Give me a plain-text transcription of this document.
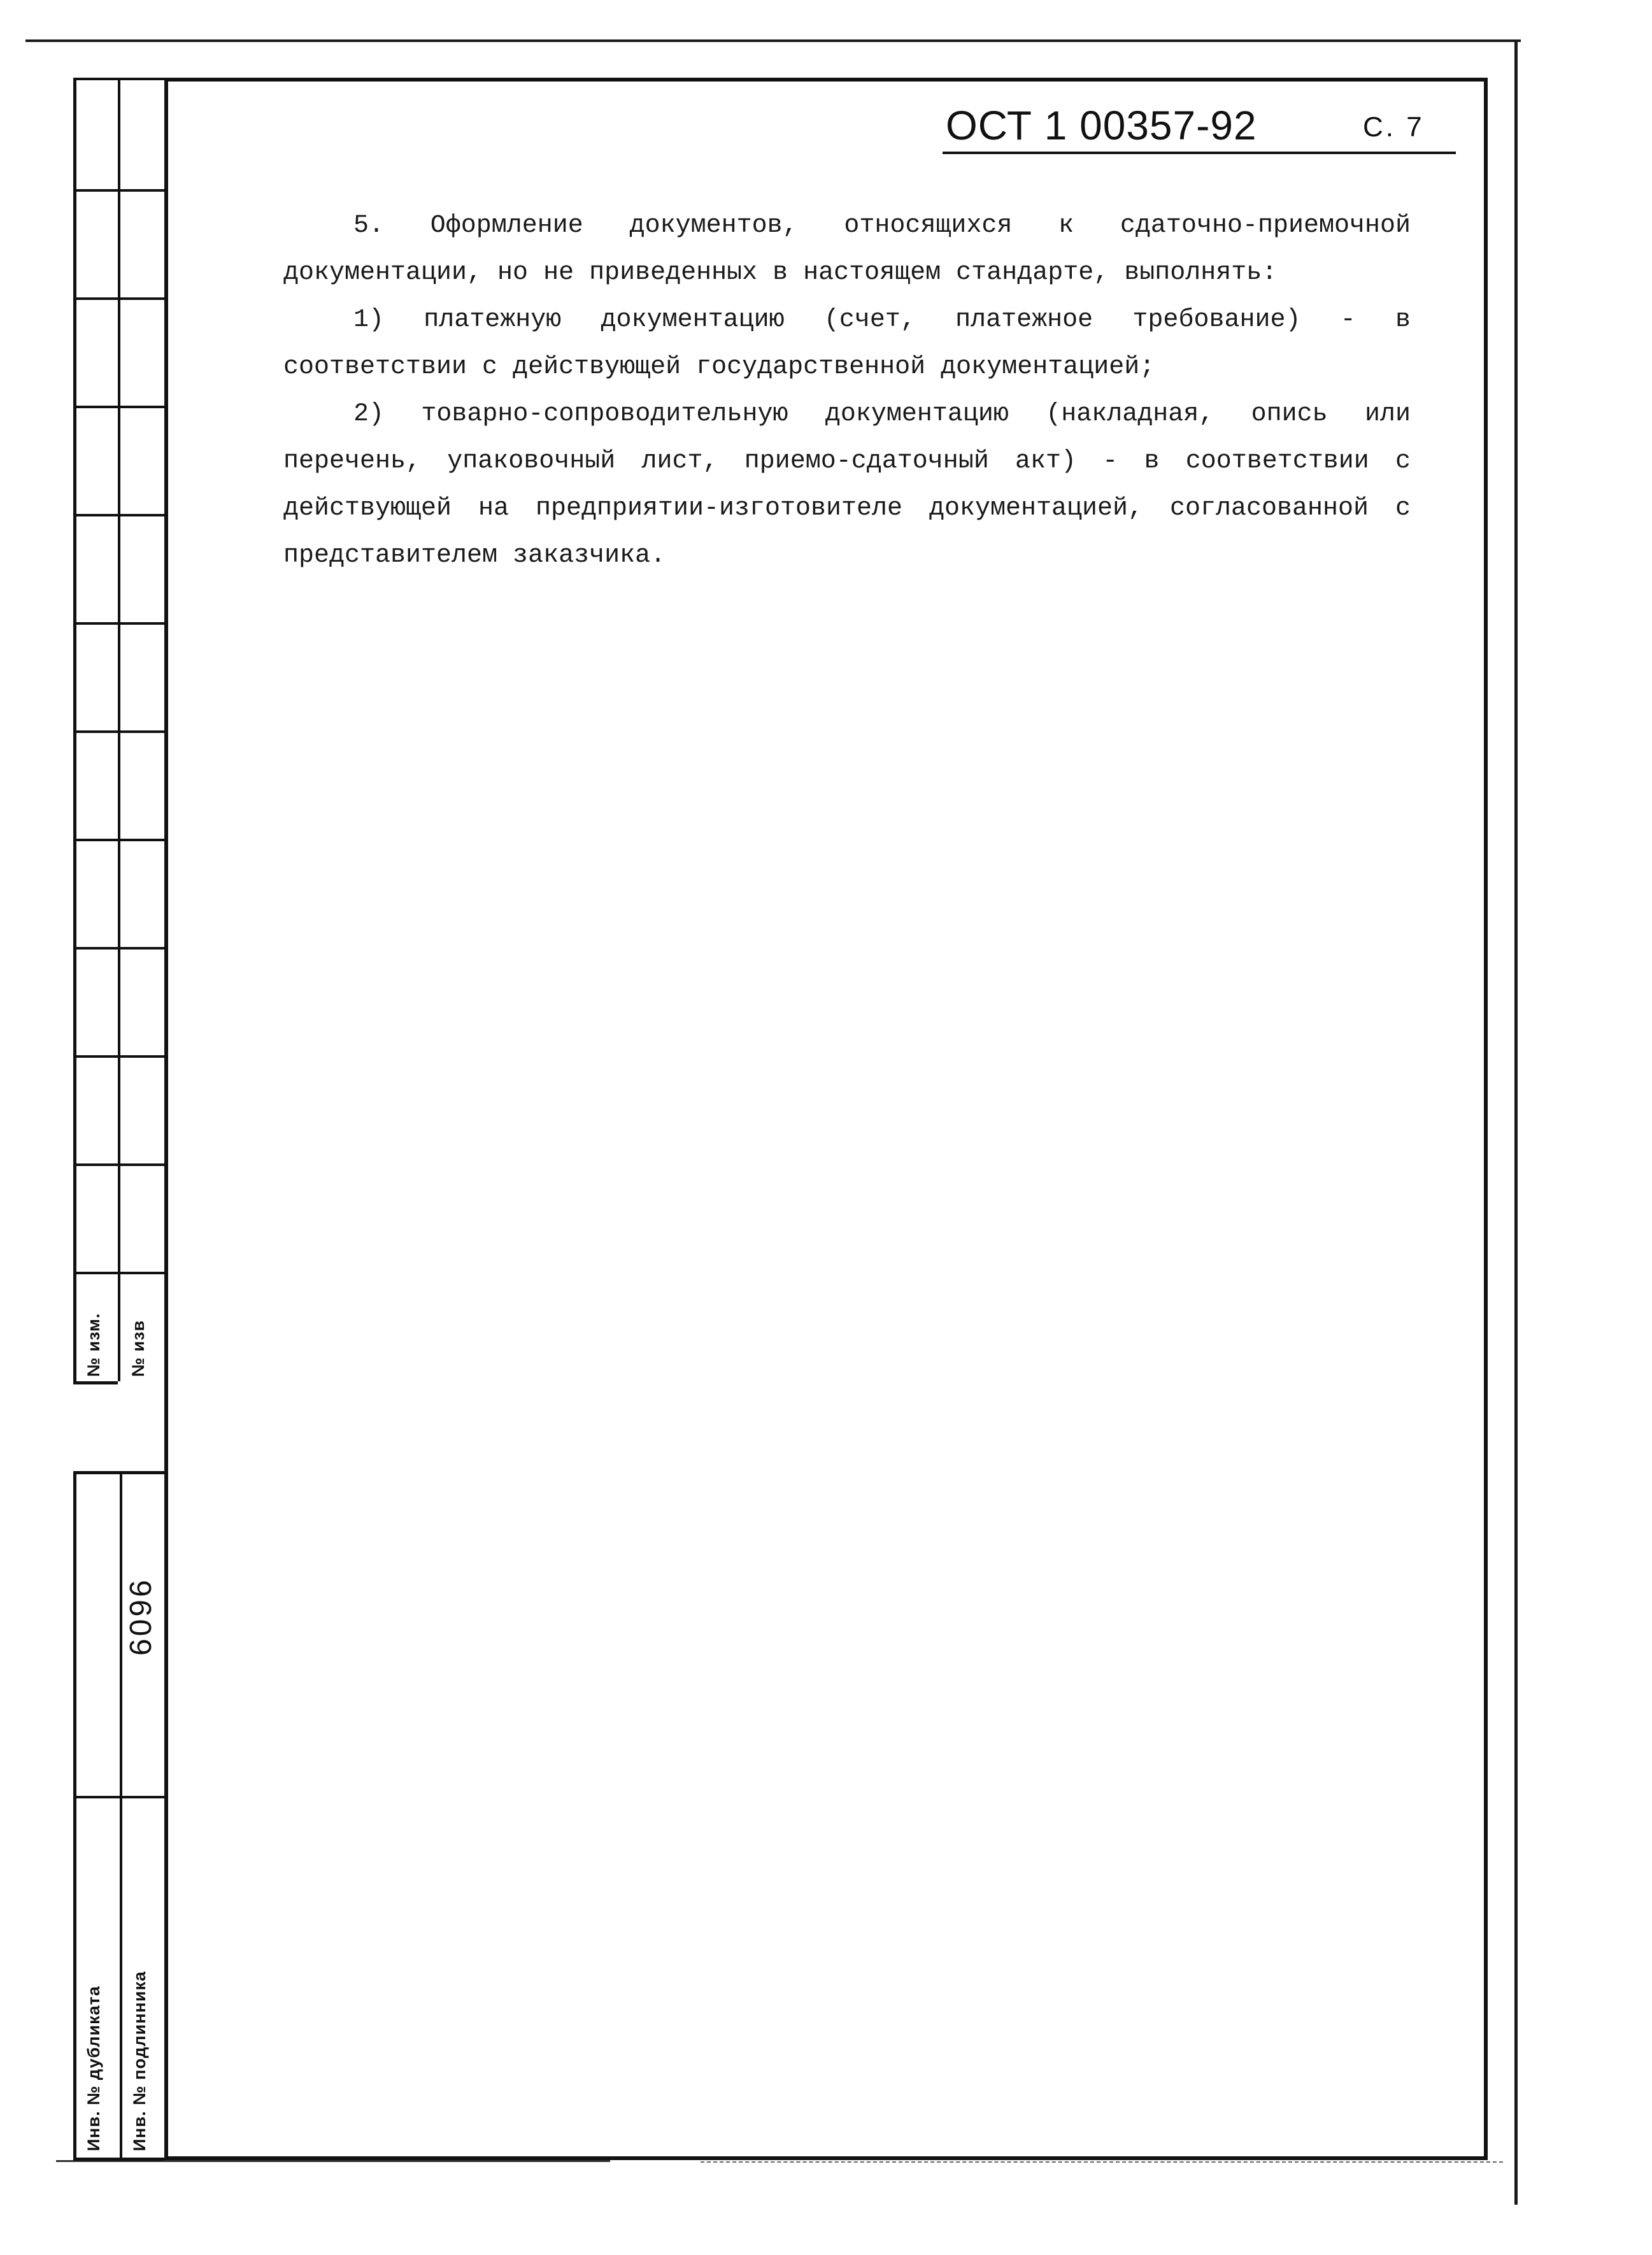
ОСТ 1 00357-92	С. 7

5. Оформление документов, относящихся к сдаточно-приемочной документации, но не приведенных в настоящем стандарте, выполнять:

1) платежную документацию (счет, платежное требование) - в соответствии с действующей государственной документацией;

2) товарно-сопроводительную документацию (накладная, опись или перечень, упаковочный лист, приемо-сдаточный акт) - в соответствии с действующей на предприятии-изготовителе документацией, согласованной с представителем заказчика.

№ изм. № изв
6096
Инв. № дубликата Инв. № подлинника
